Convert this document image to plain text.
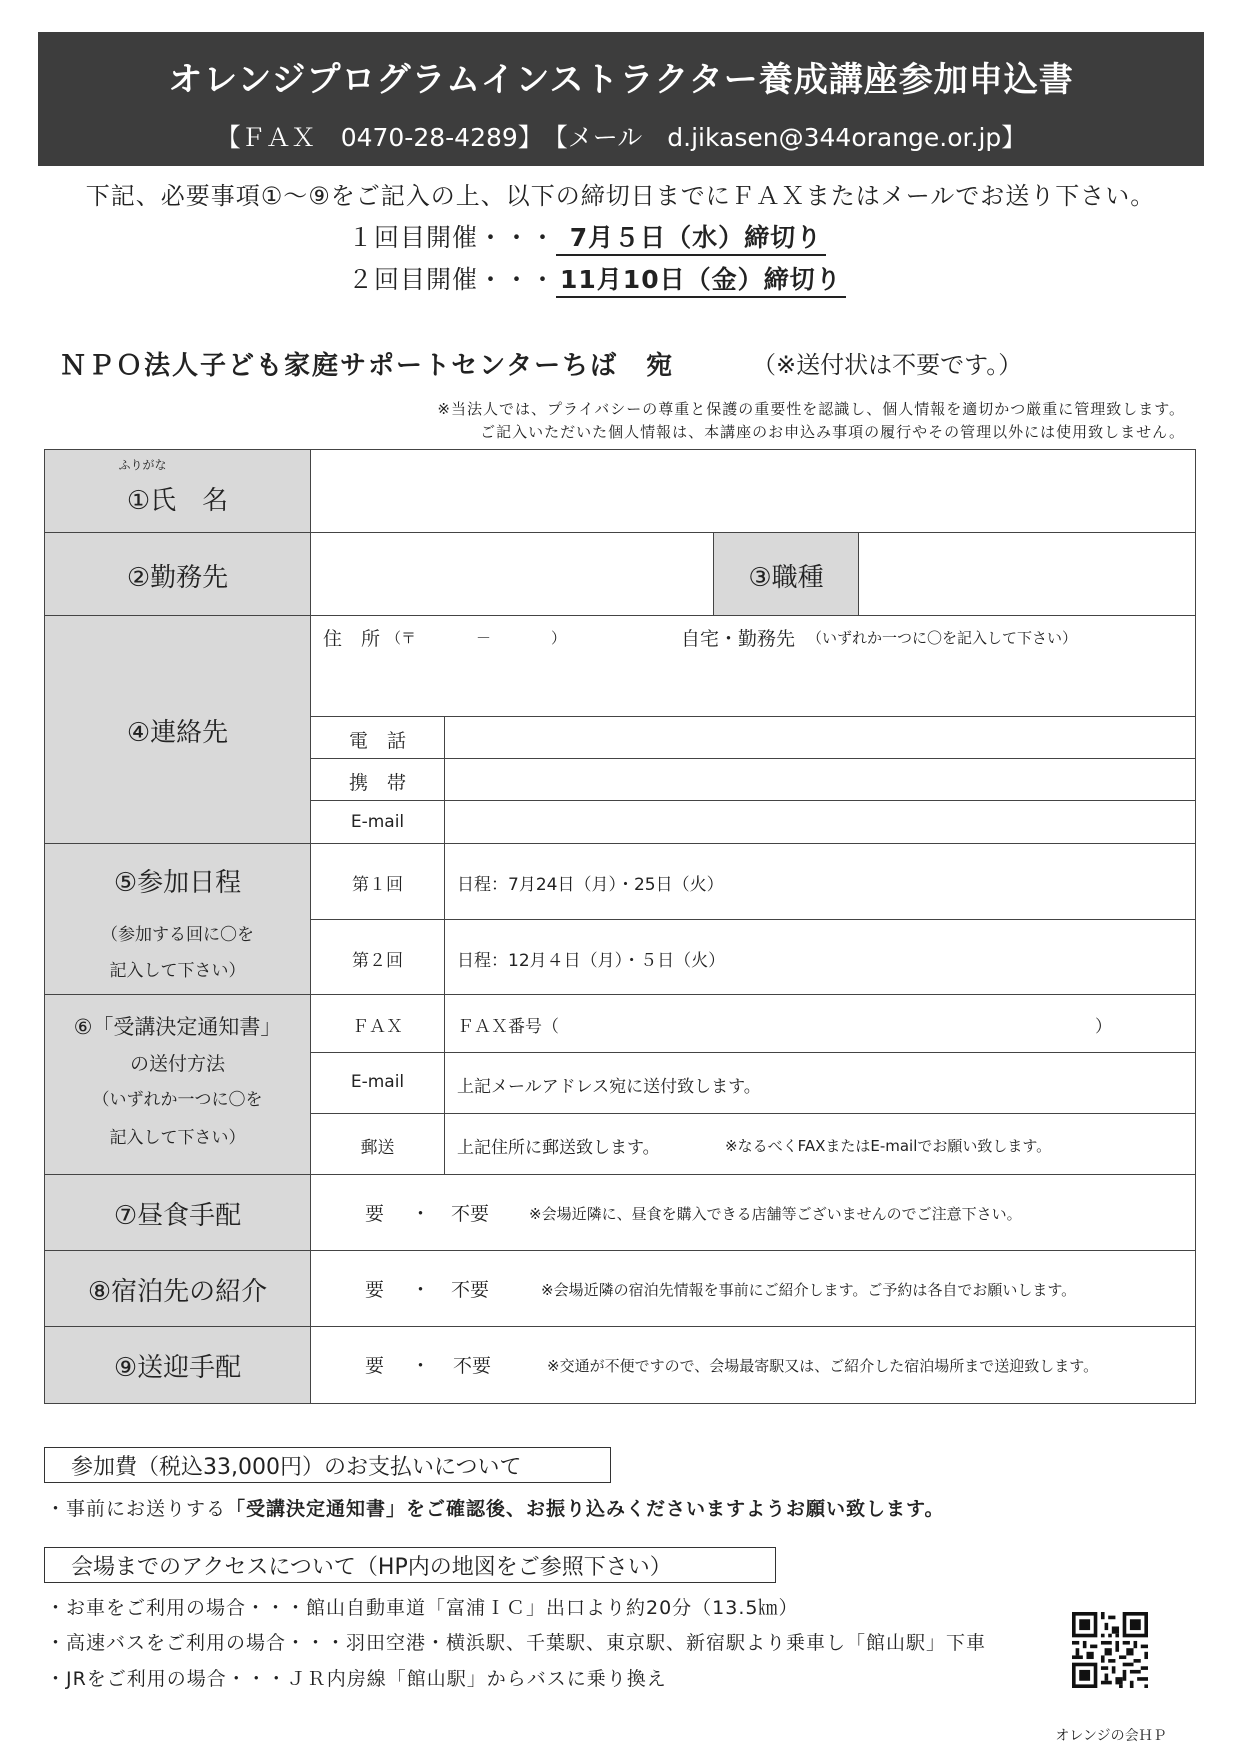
オレンジプログラムインストラクター養成講座参加申込書
【ＦＡＸ　0470-28-4289】　【メール　d.jikasen@344orange.or.jp】
下記、必要事項①～⑨をご記入の上、以下の締切日までにＦＡＸまたはメールでお送り下さい。
１回目開催・・・ 7月５日（水）締切り
２回目開催・・・ 11月10日（金）締切り
ＮＰＯ法人子ども家庭サポートセンターちば　宛	（※送付状は不要です。）
※当法人では、プライバシーの尊重と保護の重要性を認識し、個人情報を適切かつ厳重に管理致します。
ご記入いただいた個人情報は、本講座のお申込み事項の履行やその管理以外には使用致しません。
ふりがな
①氏　名
②勤務先	③職種
④連絡先
住　所 （〒　　　　－　　　　）	自宅・勤務先 （いずれか一つに〇を記入して下さい）
電　話
携　帯
E-mail
⑤参加日程
（参加する回に〇を
記入して下さい）
第１回	日程：7月24日（月）・25日（火）
第２回	日程：12月４日（月）・５日（火）
⑥「受講決定通知書」
の送付方法
（いずれか一つに〇を
記入して下さい）
ＦＡＸ	ＦＡＸ番号（	）
E-mail	上記メールアドレス宛に送付致します。
郵送	上記住所に郵送致します。	※なるべくFAXまたはE-mailでお願い致します。
⑦昼食手配	要 ・ 不要	※会場近隣に、昼食を購入できる店舗等ございませんのでご注意下さい。
⑧宿泊先の紹介	要 ・ 不要	※会場近隣の宿泊先情報を事前にご紹介します。ご予約は各自でお願いします。
⑨送迎手配	要 ・ 不要	※交通が不便ですので、会場最寄駅又は、ご紹介した宿泊場所まで送迎致します。
参加費（税込33,000円）のお支払いについて
・事前にお送りする「受講決定通知書」をご確認後、お振り込みくださいますようお願い致します。
会場までのアクセスについて（HP内の地図をご参照下さい）
・お車をご利用の場合・・・館山自動車道「富浦ＩＣ」出口より約20分（13.5㎞）
・高速バスをご利用の場合・・・羽田空港・横浜駅、千葉駅、東京駅、新宿駅より乗車し「館山駅」下車
・JRをご利用の場合・・・ＪＲ内房線「館山駅」からバスに乗り換え
オレンジの会ＨＰ
